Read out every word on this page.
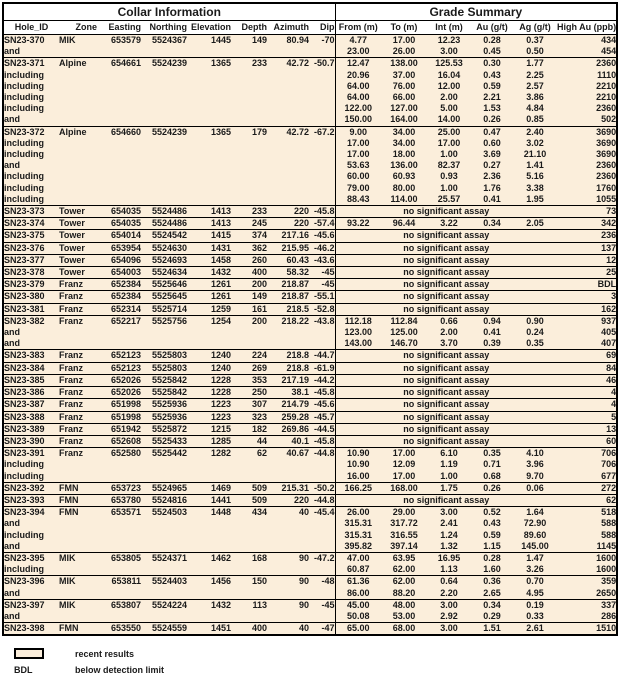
Collar Information								Grade Summary					
Hole_ID	Zone	Easting	Northing	Elevation	Depth	Azimuth	Dip	From (m)	To (m)	Int (m)	Au (g/t)	Ag (g/t)	High Au (ppb)
SN23-370	MIK	653579	5524367	1445	149	80.94	-70	4.77	17.00	12.23	0.28	0.37	434
and								23.00	26.00	3.00	0.45	0.50	454
SN23-371	Alpine	654661	5524239	1365	233	42.72	-50.7	12.47	138.00	125.53	0.30	1.77	2360
including								20.96	37.00	16.04	0.43	2.25	1110
including								64.00	76.00	12.00	0.59	2.57	2210
including								64.00	66.00	2.00	2.21	3.86	2210
including								122.00	127.00	5.00	1.53	4.84	2360
and								150.00	164.00	14.00	0.26	0.85	502
SN23-372	Alpine	654660	5524239	1365	179	42.72	-67.2	9.00	34.00	25.00	0.47	2.40	3690
including								17.00	34.00	17.00	0.60	3.02	3690
including								17.00	18.00	1.00	3.69	21.10	3690
and								53.63	136.00	82.37	0.27	1.41	2360
including								60.00	60.93	0.93	2.36	5.16	2360
including								79.00	80.00	1.00	1.76	3.38	1760
including								88.43	114.00	25.57	0.41	1.95	1055
SN23-373	Tower	654035	5524486	1413	233	220	-45.8	no significant assay					73
SN23-374	Tower	654035	5524486	1413	245	220	-57.4	93.22	96.44	3.22	0.34	2.05	342
SN23-375	Tower	654014	5524542	1415	374	217.16	-45.6	no significant assay					236
SN23-376	Tower	653954	5524630	1431	362	215.95	-46.2	no significant assay					137
SN23-377	Tower	654096	5524693	1458	260	60.43	-43.6	no significant assay					12
SN23-378	Tower	654003	5524634	1432	400	58.32	-45	no significant assay					25
SN23-379	Franz	652384	5525646	1261	200	218.87	-45	no significant assay					BDL
SN23-380	Franz	652384	5525645	1261	149	218.87	-55.1	no significant assay					3
SN23-381	Franz	652314	5525714	1259	161	218.5	-52.8	no significant assay					162
SN23-382	Franz	652217	5525756	1254	200	218.22	-43.8	112.18	112.84	0.66	0.94	0.90	937
and								123.00	125.00	2.00	0.41	0.24	405
and								143.00	146.70	3.70	0.39	0.35	407
SN23-383	Franz	652123	5525803	1240	224	218.8	-44.7	no significant assay					69
SN23-384	Franz	652123	5525803	1240	269	218.8	-61.9	no significant assay					84
SN23-385	Franz	652026	5525842	1228	353	217.19	-44.2	no significant assay					46
SN23-386	Franz	652026	5525842	1228	250	38.1	-45.8	no significant assay					4
SN23-387	Franz	651998	5525936	1223	307	214.79	-45.6	no significant assay					4
SN23-388	Franz	651998	5525936	1223	323	259.28	-45.7	no significant assay					5
SN23-389	Franz	651942	5525872	1215	182	269.86	-44.5	no significant assay					13
SN23-390	Franz	652608	5525433	1285	44	40.1	-45.8	no significant assay					60
SN23-391	Franz	652580	5525442	1282	62	40.67	-44.8	10.90	17.00	6.10	0.35	4.10	706
including								10.90	12.09	1.19	0.71	3.96	706
including								16.00	17.00	1.00	0.68	9.70	677
SN23-392	FMN	653723	5524965	1469	509	215.31	-50.2	166.25	168.00	1.75	0.26	0.06	272
SN23-393	FMN	653780	5524816	1441	509	220	-44.8	no significant assay					62
SN23-394	FMN	653571	5524503	1448	434	40	-45.4	26.00	29.00	3.00	0.52	1.64	518
and								315.31	317.72	2.41	0.43	72.90	588
including								315.31	316.55	1.24	0.59	89.60	588
and								395.82	397.14	1.32	1.15	145.00	1145
SN23-395	MIK	653805	5524371	1462	168	90	-47.2	47.00	63.95	16.95	0.28	1.47	1600
including								60.87	62.00	1.13	1.60	3.26	1600
SN23-396	MIK	653811	5524403	1456	150	90	-48	61.36	62.00	0.64	0.36	0.70	359
and								86.00	88.20	2.20	2.65	4.95	2650
SN23-397	MIK	653807	5524224	1432	113	90	-45	45.00	48.00	3.00	0.34	0.19	337
and								50.08	53.00	2.92	0.29	0.33	286
SN23-398	FMN	653550	5524559	1451	400	40	-47	65.00	68.00	3.00	1.51	2.61	1510
recent results
BDL	below detection limit
